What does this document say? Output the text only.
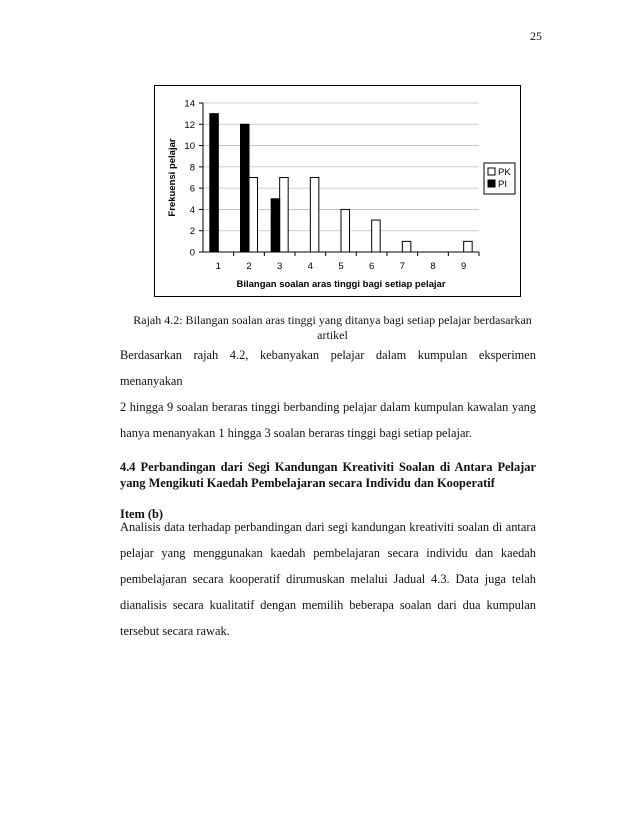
25
0
2
4
6
8
10
12
14
1	2	3	4	5	6	7	8	9
Bilangan soalan aras tinggi bagi setiap pelajar
Frekuensi pelajar	PK
PI
Rajah 4.2: Bilangan soalan aras tinggi yang ditanya bagi setiap pelajar berdasarkan
artikel
Berdasarkan rajah 4.2, kebanyakan pelajar dalam kumpulan eksperimen menanyakan
2 hingga 9 soalan beraras tinggi berbanding pelajar dalam kumpulan kawalan yang
hanya menanyakan 1 hingga 3 soalan beraras tinggi bagi setiap pelajar.
4.4 Perbandingan dari Segi Kandungan Kreativiti Soalan di Antara Pelajar
yang Mengikuti Kaedah Pembelajaran secara Individu dan Kooperatif
Item (b)
Analisis data terhadap perbandingan dari segi kandungan kreativiti soalan di antara
pelajar yang menggunakan kaedah pembelajaran secara individu dan kaedah
pembelajaran secara kooperatif dirumuskan melalui Jadual 4.3. Data juga telah
dianalisis secara kualitatif dengan memilih beberapa soalan dari dua kumpulan
tersebut secara rawak.
